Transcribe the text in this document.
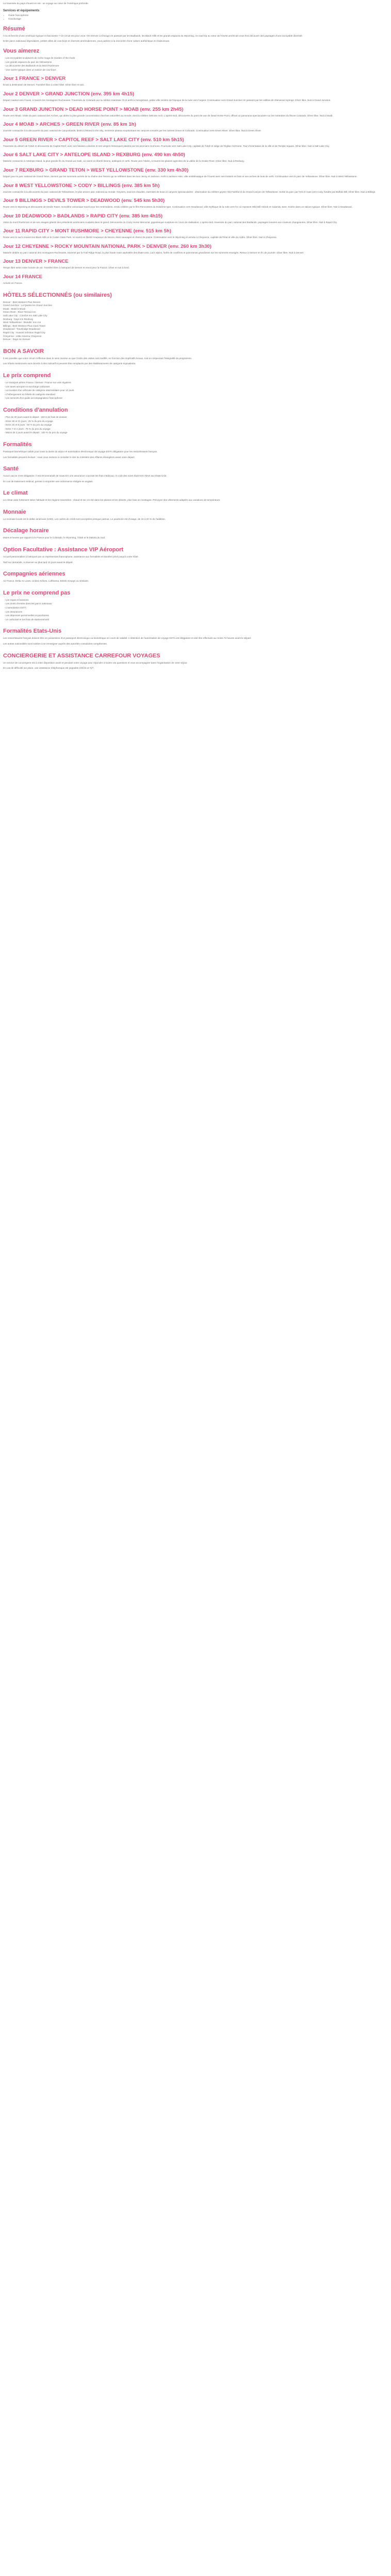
La traversée du pays d'ouest en est : un voyage au cœur de l'Amérique profonde.

Services et équipements
• Guide francophone
• Covoiturage
Résumé

À la recherche d'une Amérique typique et fascinante ? Ce circuit est pour vous ! De Denver à Chicago en passant par les Badlands, les Black Hills et les grands espaces du Wyoming, ce road trip au cœur de l'Ouest américain vous fera découvrir des paysages d'une incroyable diversité.

Entre parcs nationaux légendaires, petites villes de cow-boys et réserves amérindiennes, vous partirez à la rencontre d'une culture authentique et chaleureuse.

Vous aimerez
- Les incroyables sculptures de roche rouge de Garden of the Gods
- Les grands espaces du parc de Yellowstone
- La découverte des Badlands et du Mont Rushmore
- Une soirée typique dans un saloon de cow-boys
Jour 1 FRANCE > DENVER

Envol à destination de Denver. Transfert libre à votre hôtel. Dîner libre et nuit.

Jour 2 DENVER > GRAND JUNCTION (env. 395 km 4h15)

Départ matinal vers l'ouest, à travers les montagnes Rocheuses. Traversée du Colorado par la célèbre Interstate 70 et arrêt à Georgetown, petite ville minière de l'époque de la ruée vers l'argent. Continuation vers Grand Junction en passant par les vallées de Glenwood Springs. Dîner libre. Nuit à Grand Junction.

Jour 3 GRAND JUNCTION > DEAD HORSE POINT > MOAB (env. 255 km 2h45)

Route vers Moab. Visite du parc national des Arches, qui abrite la plus grande concentration d'arches naturelles au monde, dont la célèbre Delicate Arch. L'après-midi, découverte du point de vue de Dead Horse Point, offrant un panorama spectaculaire sur les méandres du fleuve Colorado. Dîner libre. Nuit à Moab.

Jour 4 MOAB > ARCHES > GREEN RIVER (env. 85 km 1h)

Journée consacrée à la découverte du parc national de Canyonlands, district d'Island in the Sky, immense plateau surplombant les canyons creusés par les rivières Green et Colorado. Continuation vers Green River. Dîner libre. Nuit à Green River.

Jour 5 GREEN RIVER > CAPITOL REEF > SALT LAKE CITY (env. 510 km 5h15)

Traversée du désert de l'Utah et découverte de Capitol Reef, avec ses falaises colorées et ses vergers historiques plantés par les pionniers mormons. Poursuite vers Salt Lake City, capitale de l'Utah et siège de l'Église mormone. Tour d'orientation de la ville et de Temple Square. Dîner libre. Nuit à Salt Lake City.

Jour 6 SALT LAKE CITY > ANTELOPE ISLAND > REXBURG (env. 490 km 4h50)

Matinée consacrée à Antelope Island, la plus grande île du Grand Lac Salé, où vivent en liberté bisons, antilopes et cerfs. Route vers l'Idaho, à travers les plaines agricoles de la vallée de la Snake River. Dîner libre. Nuit à Rexburg.

Jour 7 REXBURG > GRAND TETON > WEST YELLOWSTONE (env. 330 km 4h30)

Départ pour le parc national de Grand Teton, dominé par les sommets acérés de la chaîne des Tetons qui se reflètent dans les lacs Jenny et Jackson. Arrêt à Jackson Hole, ville emblématique de l'Ouest avec ses trottoirs en bois et ses arches de bois de cerfs. Continuation vers le parc de Yellowstone. Dîner libre. Nuit à West Yellowstone.

Jour 8 WEST YELLOWSTONE > CODY > BILLINGS (env. 385 km 5h)

Journée consacrée à la découverte du parc national de Yellowstone, le plus ancien parc national au monde. Geysers, sources chaudes, marmites de boue et canyons spectaculaires : observation du célèbre geyser Old Faithful et du Grand Canyon de Yellowstone. Sortie du parc par l'est et route vers Cody, fondée par Buffalo Bill. Dîner libre. Nuit à Billings.

Jour 9 BILLINGS > DEVILS TOWER > DEADWOOD (env. 545 km 5h30)

Route vers le Wyoming et découverte de Devils Tower, monolithe volcanique sacré pour les Amérindiens, rendu célèbre par le film Rencontres du troisième type. Continuation vers Deadwood, ville mythique de la ruée vers l'or où reposent Wild Bill Hickok et Calamity Jane. Soirée dans un saloon typique. Dîner libre. Nuit à Deadwood.

Jour 10 DEADWOOD > BADLANDS > RAPID CITY (env. 385 km 4h15)

Visite du mont Rushmore et de ses visages géants des présidents américains sculptés dans le granit. Découverte du Crazy Horse Memorial, gigantesque sculpture en cours de réalisation. L'après-midi, traversée du parc national des Badlands, paysages lunaires aux couleurs changeantes. Dîner libre. Nuit à Rapid City.

Jour 11 RAPID CITY > MONT RUSHMORE > CHEYENNE (env. 515 km 5h)

Route vers le sud à travers les Black Hills et le Custer State Park, où vivent en liberté troupeaux de bisons, ânes sauvages et chiens de prairie. Continuation vers le Wyoming et arrivée à Cheyenne, capitale de l'État et ville du rodéo. Dîner libre. Nuit à Cheyenne.

Jour 12 CHEYENNE > ROCKY MOUNTAIN NATIONAL PARK > DENVER (env. 260 km 3h30)

Matinée dédiée au parc national des montagnes Rocheuses, traversé par la Trail Ridge Road, la plus haute route asphaltée des États-Unis. Lacs alpins, forêts de conifères et panoramas grandioses sur les sommets enneigés. Retour à Denver en fin de journée. Dîner libre. Nuit à Denver.

Jour 13 DENVER > FRANCE

Temps libre selon votre horaire de vol. Transfert libre à l'aéroport de Denver et envol pour la France. Dîner et nuit à bord.

Jour 14 FRANCE

Arrivée en France.

HÔTELS SÉLECTIONNÉS (ou similaires)
Denver : Best Western Plus Denver
Grand Junction : La Quinta Inn Grand Junction
Moab : Motel 6 Moab
Green River : River Terrace Inn
Salt Lake City : Comfort Inn Salt Lake City
Rexburg : Days Inn Rexburg
West Yellowstone : Brandin' Iron Inn
Billings : Best Western Plus Clock Tower
Deadwood : Travelodge Deadwood
Rapid City : Howard Johnson Rapid City
Cheyenne : Little America Cheyenne
Denver : Days Inn Denver
BON A SAVOIR

Il est possible que votre circuit s'effectue dans le sens inverse ou que l'ordre des visites soit modifié, en fonction des impératifs locaux, tout en respectant l'intégralité du programme.

Les hôtels mentionnés sont donnés à titre indicatif et peuvent être remplacés par des établissements de catégorie équivalente.

Le prix comprend
- Le transport aérien France / Denver / France sur vols réguliers
- Les taxes aéroport et surcharge carburant
- La location d'un véhicule de catégorie intermédiaire pour 12 jours
- L'hébergement en hôtels de catégorie standard
- Les services d'un guide accompagnateur francophone
Conditions d'annulation
- Plus de 30 jours avant le départ : 150 € de frais de dossier
- Entre 30 et 21 jours : 25 % du prix du voyage
- Entre 20 et 8 jours : 50 % du prix du voyage
- Entre 7 et 2 jours : 75 % du prix du voyage
- Moins de 2 jours avant le départ : 100 % du prix du voyage
Formalités

Passeport biométrique valide pour toute la durée du séjour et autorisation électronique de voyage ESTA obligatoire pour les ressortissants français.

Les formalités peuvent évoluer : nous vous invitons à consulter le site du ministère des Affaires étrangères avant votre départ.

Santé

Aucun vaccin n'est obligatoire. Il est recommandé de souscrire une assurance couvrant les frais médicaux, le coût des soins étant très élevé aux États-Unis.

En cas de traitement médical, pensez à emporter une ordonnance rédigée en anglais.

Le climat

Le climat varie fortement selon l'altitude et les régions traversées : chaud et sec en été dans les plaines et les déserts, plus frais en montagne. Prévoyez des vêtements adaptés aux variations de température.

Monnaie

La monnaie locale est le dollar américain (USD). Les cartes de crédit sont acceptées presque partout. Le pourboire est d'usage, de 15 à 20 % de l'addition.

Décalage horaire

Moins 8 heures par rapport à la France pour le Colorado, le Wyoming, l'Utah et le Dakota du Sud.

Option Facultative : Assistance VIP Aéroport

Accueil personnalisé à l'aéroport par un représentant francophone, assistance aux formalités et transfert privé jusqu'à votre hôtel.

Tarif sur demande, à réserver au plus tard 15 jours avant le départ.

Compagnies aériennes

Air France, Delta Air Lines, United Airlines, Lufthansa, British Airways ou similaire.

Le prix ne comprend pas
- Les repas et boissons
- Les droits d'entrée dans les parcs nationaux
- L'autorisation ESTA
- Les assurances
- Les dépenses personnelles et pourboires
- Le carburant et les frais de stationnement
Formalités Etats-Unis

Les ressortissants français doivent être en possession d'un passeport électronique ou biométrique en cours de validité. L'obtention de l'autorisation de voyage ESTA est obligatoire et doit être effectuée au moins 72 heures avant le départ.

Les autres nationalités sont invitées à se renseigner auprès des autorités consulaires compétentes.

CONCIERGERIE ET ASSISTANCE CARREFOUR VOYAGES

Un service de conciergerie est à votre disposition avant et pendant votre voyage pour répondre à toutes vos questions et vous accompagner dans l'organisation de votre séjour.

En cas de difficulté sur place, une assistance téléphonique est joignable 24h/24 et 7j/7.
